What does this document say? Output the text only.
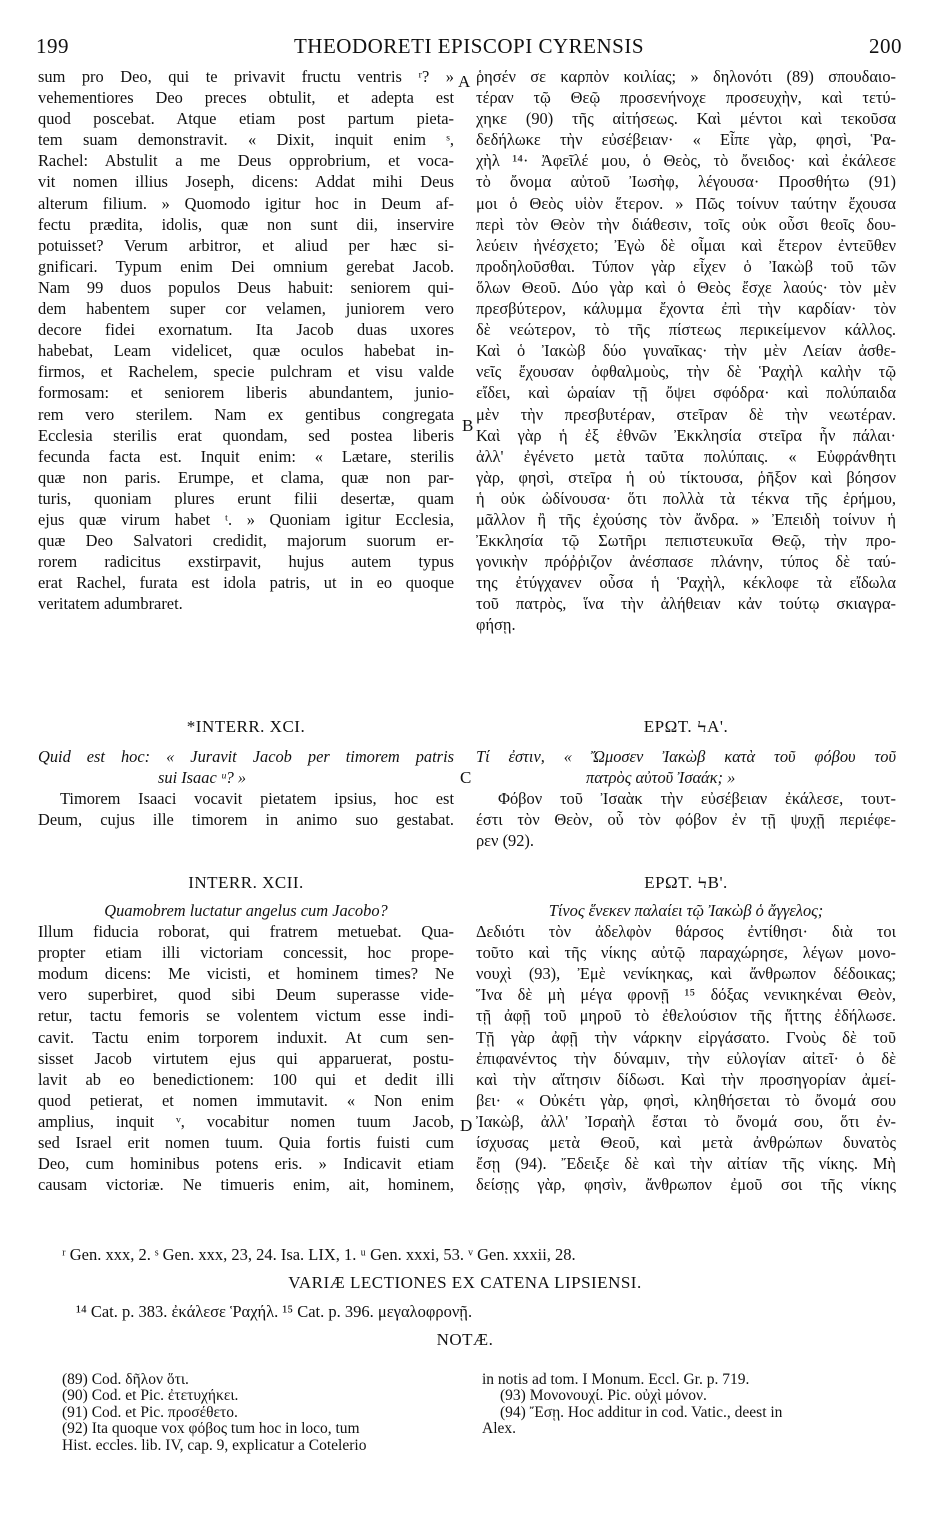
199	THEODORETI EPISCOPI CYRENSIS	200
A
B
C
D
sum pro Deo, qui te privavit fructu ventris ʳ? »
vehementiores Deo preces obtulit, et adepta est
quod poscebat. Atque etiam post partum pieta-
tem suam demonstravit. « Dixit, inquit enim ˢ,
Rachel: Abstulit a me Deus opprobrium, et voca-
vit nomen illius Joseph, dicens: Addat mihi Deus
alterum filium. » Quomodo igitur hoc in Deum af-
fectu prædita, idolis, quæ non sunt dii, inservire
potuisset? Verum arbitror, et aliud per hæc si-
gnificari. Typum enim Dei omnium gerebat Jacob.
Nam 99 duos populos Deus habuit: seniorem qui-
dem habentem super cor velamen, juniorem vero
decore fidei exornatum. Ita Jacob duas uxores
habebat, Leam videlicet, quæ oculos habebat in-
firmos, et Rachelem, specie pulchram et visu valde
formosam: et seniorem liberis abundantem, junio-
rem vero sterilem. Nam ex gentibus congregata
Ecclesia sterilis erat quondam, sed postea liberis
fecunda facta est. Inquit enim: « Lætare, sterilis
quæ non paris. Erumpe, et clama, quæ non par-
turis, quoniam plures erunt filii desertæ, quam
ejus quæ virum habet ᵗ. » Quoniam igitur Ecclesia,
quæ Deo Salvatori credidit, majorum suorum er-
rorem radicitus exstirpavit, hujus autem typus
erat Rachel, furata est idola patris, ut in eo quoque
veritatem adumbraret.
*INTERR. XCI.
Quid est hoc: « Juravit Jacob per timorem patris
sui Isaac ᵘ? »
Timorem Isaaci vocavit pietatem ipsius, hoc est
Deum, cujus ille timorem in animo suo gestabat.
INTERR. XCII.
Quamobrem luctatur angelus cum Jacobo?
Illum fiducia roborat, qui fratrem metuebat. Qua-
propter etiam illi victoriam concessit, hoc prope-
modum dicens: Me vicisti, et hominem times? Ne
vero superbiret, quod sibi Deum superasse vide-
retur, tactu femoris se volentem victum esse indi-
cavit. Tactu enim torporem induxit. At cum sen-
sisset Jacob virtutem ejus qui apparuerat, postu-
lavit ab eo benedictionem: 100 qui et dedit illi
quod petierat, et nomen immutavit. « Non enim
amplius, inquit ᵛ, vocabitur nomen tuum Jacob,
sed Israel erit nomen tuum. Quia fortis fuisti cum
Deo, cum hominibus potens eris. » Indicavit etiam
causam victoriæ. Ne timueris enim, ait, hominem,
ῥησέν σε καρπὸν κοιλίας; » δηλονότι (89) σπουδαιο-
τέραν τῷ Θεῷ προσενήνοχε προσευχὴν, καὶ τετύ-
χηκε (90) τῆς αἰτήσεως. Καὶ μέντοι καὶ τεκοῦσα
δεδήλωκε τὴν εὐσέβειαν· « Εἶπε γὰρ, φησὶ, Ῥα-
χὴλ ¹⁴· Ἀφεῖλέ μου, ὁ Θεὸς, τὸ ὄνειδος· καὶ ἐκάλεσε
τὸ ὄνομα αὐτοῦ Ἰωσὴφ, λέγουσα· Προσθήτω (91)
μοι ὁ Θεὸς υἱὸν ἕτερον. » Πῶς τοίνυν ταύτην ἔχουσα
περὶ τὸν Θεὸν τὴν διάθεσιν, τοῖς οὐκ οὖσι θεοῖς δου-
λεύειν ἠνέσχετο; Ἐγὼ δὲ οἶμαι καὶ ἕτερον ἐντεῦθεν
προδηλοῦσθαι. Τύπον γὰρ εἶχεν ὁ Ἰακὼβ τοῦ τῶν
ὅλων Θεοῦ. Δύο γὰρ καὶ ὁ Θεὸς ἔσχε λαούς· τὸν μὲν
πρεσβύτερον, κάλυμμα ἔχοντα ἐπὶ τὴν καρδίαν· τὸν
δὲ νεώτερον, τὸ τῆς πίστεως περικείμενον κάλλος.
Καὶ ὁ Ἰακὼβ δύο γυναῖκας· τὴν μὲν Λείαν ἀσθε-
νεῖς ἔχουσαν ὀφθαλμοὺς, τὴν δὲ Ῥαχὴλ καλὴν τῷ
εἴδει, καὶ ὡραίαν τῇ ὄψει σφόδρα· καὶ πολύπαιδα
μὲν τὴν πρεσβυτέραν, στεῖραν δὲ τὴν νεωτέραν.
Καὶ γὰρ ἡ ἐξ ἐθνῶν Ἐκκλησία στεῖρα ἦν πάλαι·
ἀλλ' ἐγένετο μετὰ ταῦτα πολύπαις. « Εὐφράνθητι
γὰρ, φησὶ, στεῖρα ἡ οὐ τίκτουσα, ῥῆξον καὶ βόησον
ἡ οὐκ ὠδίνουσα· ὅτι πολλὰ τὰ τέκνα τῆς ἐρήμου,
μᾶλλον ἢ τῆς ἐχούσης τὸν ἄνδρα. » Ἐπειδὴ τοίνυν ἡ
Ἐκκλησία τῷ Σωτῆρι πεπιστευκυῖα Θεῷ, τὴν προ-
γονικὴν πρόῤῥιζον ἀνέσπασε πλάνην, τύπος δὲ ταύ-
της ἐτύγχανεν οὖσα ἡ Ῥαχὴλ, κέκλοφε τὰ εἴδωλα
τοῦ πατρὸς, ἵνα τὴν ἀλήθειαν κἀν τούτῳ σκιαγρα-
φήσῃ.
ΕΡΩΤ. ϞΑ'.
Τί ἐστιν, « Ὤμοσεν Ἰακὼβ κατὰ τοῦ φόβου τοῦ
πατρὸς αὐτοῦ Ἰσαάκ; »
Φόβον τοῦ Ἰσαὰκ τὴν εὐσέβειαν ἐκάλεσε, τουτ-
έστι τὸν Θεὸν, οὗ τὸν φόβον ἐν τῇ ψυχῇ περιέφε-
ρεν (92).
ΕΡΩΤ. ϞΒ'.
Τίνος ἕνεκεν παλαίει τῷ Ἰακὼβ ὁ ἄγγελος;
Δεδιότι τὸν ἀδελφὸν θάρσος ἐντίθησι· διὰ τοι
τοῦτο καὶ τῆς νίκης αὐτῷ παραχώρησε, λέγων μονο-
νουχὶ (93), Ἐμὲ νενίκηκας, καὶ ἄνθρωπον δέδοικας;
Ἵνα δὲ μὴ μέγα φρονῇ ¹⁵ δόξας νενικηκέναι Θεὸν,
τῇ ἀφῇ τοῦ μηροῦ τὸ ἐθελούσιον τῆς ἥττης ἐδήλωσε.
Τῇ γὰρ ἀφῇ τὴν νάρκην εἰργάσατο. Γνοὺς δὲ τοῦ
ἐπιφανέντος τὴν δύναμιν, τὴν εὐλογίαν αἰτεῖ· ὁ δὲ
καὶ τὴν αἴτησιν δίδωσι. Καὶ τὴν προσηγορίαν ἀμεί-
βει· « Οὐκέτι γὰρ, φησὶ, κληθήσεται τὸ ὄνομά σου
Ἰακὼβ, ἀλλ' Ἰσραὴλ ἔσται τὸ ὄνομά σου, ὅτι ἐν-
ίσχυσας μετὰ Θεοῦ, καὶ μετὰ ἀνθρώπων δυνατὸς
ἔσῃ (94). Ἔδειξε δὲ καὶ τὴν αἰτίαν τῆς νίκης. Μὴ
δείσῃς γὰρ, φησὶν, ἄνθρωπον ἐμοῦ σοι τῆς νίκης
ʳ Gen. xxx, 2. ˢ Gen. xxx, 23, 24. Isa. LIX, 1. ᵘ Gen. xxxi, 53. ᵛ Gen. xxxii, 28.
VARIÆ LECTIONES EX CATENA LIPSIENSI.
¹⁴ Cat. p. 383. ἐκάλεσε Ῥαχήλ. ¹⁵ Cat. p. 396. μεγαλοφρονῇ.
NOTÆ.
(89) Cod. δῆλον ὅτι.
(90) Cod. et Pic. ἐτετυχήκει.
(91) Cod. et Pic. προσέθετο.
(92) Ita quoque vox φόβος tum hoc in loco, tum
Hist. eccles. lib. IV, cap. 9, explicatur a Cotelerio
in notis ad tom. I Monum. Eccl. Gr. p. 719.
(93) Μονονουχί. Pic. οὐχὶ μόνον.
(94) Ἔσῃ. Hoc additur in cod. Vatic., deest in
Alex.
